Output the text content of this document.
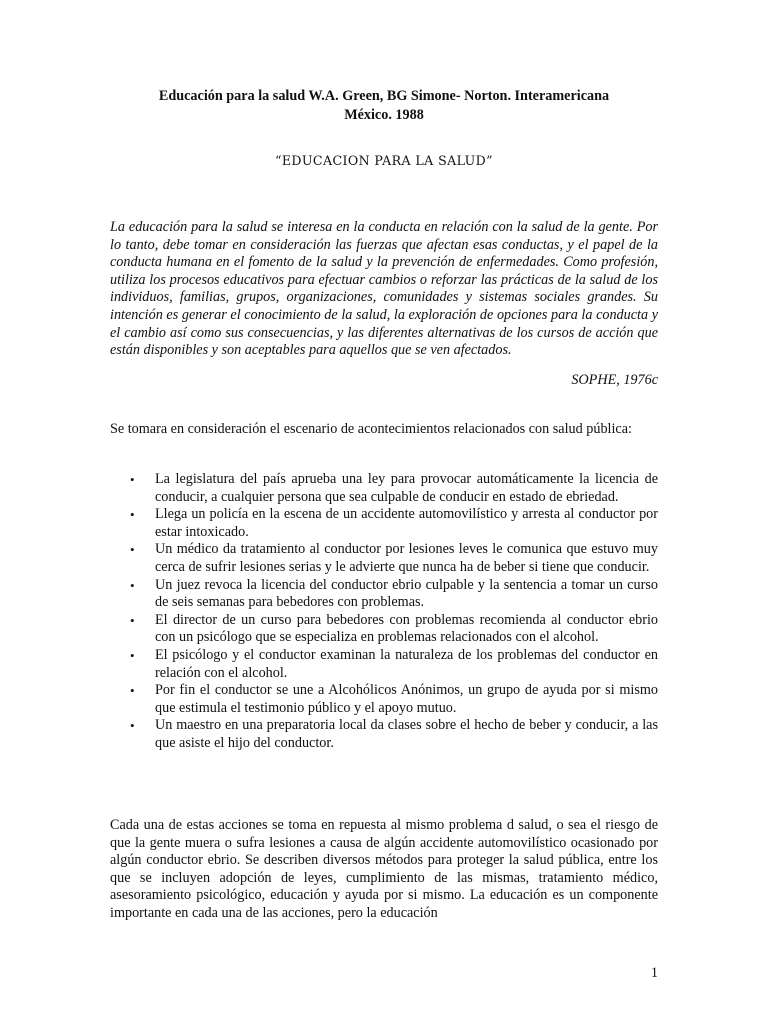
Educación para la salud W.A. Green, BG Simone- Norton. Interamericana
México. 1988

“EDUCACION PARA LA SALUD”

La educación para la salud se interesa en la conducta en relación con la salud de la gente. Por lo tanto, debe tomar en consideración las fuerzas que afectan esas conductas, y el papel de la conducta humana en el fomento de la salud y la prevención de enfermedades. Como profesión, utiliza los procesos educativos para efectuar cambios o reforzar las prácticas de la salud de los individuos, familias, grupos, organizaciones, comunidades y sistemas sociales grandes. Su intención es generar el conocimiento de la salud, la exploración de opciones para la conducta y el cambio así como sus consecuencias, y las diferentes alternativas de los cursos de acción que están disponibles y son aceptables para aquellos que se ven afectados.

SOPHE, 1976c

Se tomara en consideración el escenario de acontecimientos relacionados con salud pública:

•	La legislatura del país aprueba una ley para provocar automáticamente la licencia de conducir, a cualquier persona que sea culpable de conducir en estado de ebriedad.
•	Llega un policía en la escena de un accidente automovilístico y arresta al conductor por estar intoxicado.
•	Un médico da tratamiento al conductor por lesiones leves le comunica que estuvo muy cerca de sufrir lesiones serias y le advierte que nunca ha de beber si tiene que conducir.
•	Un juez revoca la licencia del conductor ebrio culpable y la sentencia a tomar un curso de seis semanas para bebedores con problemas.
•	El director de un curso para bebedores con problemas recomienda al conductor ebrio con un psicólogo que se especializa en problemas relacionados con el alcohol.
•	El psicólogo y el conductor examinan la naturaleza de los problemas del conductor en relación con el alcohol.
•	Por fin el conductor se une a Alcohólicos Anónimos, un grupo de ayuda por si mismo que estimula el testimonio público y el apoyo mutuo.
•	Un maestro en una preparatoria local da clases sobre el hecho de beber y conducir, a las que asiste el hijo del conductor.

Cada una de estas acciones se toma en repuesta al mismo problema d salud, o sea el riesgo de que la gente muera o sufra lesiones a causa de algún accidente automovilístico ocasionado por algún conductor ebrio. Se describen diversos métodos para proteger la salud pública, entre los que se incluyen adopción de leyes, cumplimiento de las mismas, tratamiento médico, asesoramiento psicológico, educación y ayuda por si mismo. La educación es un componente importante en cada una de las acciones, pero la educación

1
